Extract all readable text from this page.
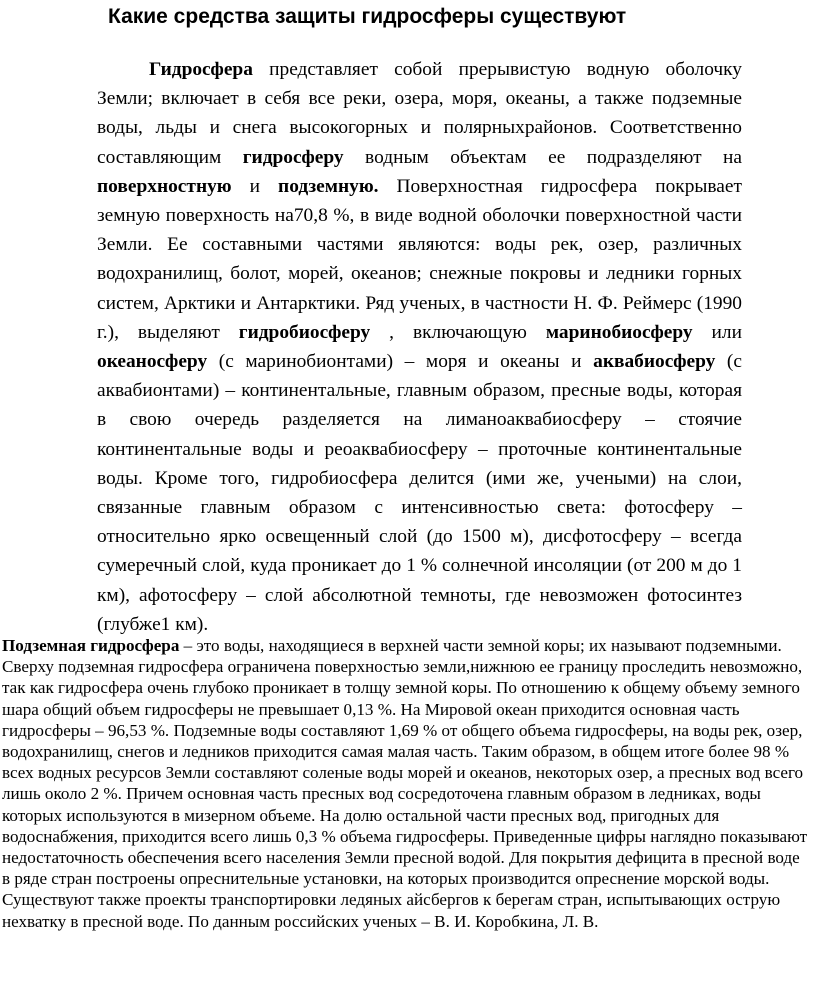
Какие средства защиты гидросферы существуют
Гидросфера представляет собой прерывистую водную оболочку Земли; включает в себя все реки, озера, моря, океаны, а также подземные воды, льды и снега высокогорных и полярныхрайонов. Соответственно составляющим гидросферу водным объектам ее подразделяют на поверхностную и подземную. Поверхностная гидросфера покрывает земную поверхность на70,8 %, в виде водной оболочки поверхностной части Земли. Ее составными частями являются: воды рек, озер, различных водохранилищ, болот, морей, океанов; снежные покровы и ледники горных систем, Арктики и Антарктики. Ряд ученых, в частности Н. Ф. Реймерс (1990 г.), выделяют гидробиосферу , включающую маринобиосферу или океаносферу (с маринобионтами) – моря и океаны и аквабиосферу (с аквабионтами) – континентальные, главным образом, пресные воды, которая в свою очередь разделяется на лиманоаквабиосферу – стоячие континентальные воды и реоаквабиосферу – проточные континентальные воды. Кроме того, гидробиосфера делится (ими же, учеными) на слои, связанные главным образом с интенсивностью света: фотосферу – относительно ярко освещенный слой (до 1500 м), дисфотосферу – всегда сумеречный слой, куда проникает до 1 % солнечной инсоляции (от 200 м до 1 км), афотосферу – слой абсолютной темноты, где невозможен фотосинтез (глубже1 км).
Подземная гидросфера – это воды, находящиеся в верхней части земной коры; их называют подземными. Сверху подземная гидросфера ограничена поверхностью земли,нижнюю ее границу проследить невозможно, так как гидросфера очень глубоко проникает в толщу земной коры. По отношению к общему объему земного шара общий объем гидросферы не превышает 0,13 %. На Мировой океан приходится основная часть гидросферы – 96,53 %. Подземные воды составляют 1,69 % от общего объема гидросферы, на воды рек, озер, водохранилищ, снегов и ледников приходится самая малая часть. Таким образом, в общем итоге более 98 % всех водных ресурсов Земли составляют соленые воды морей и океанов, некоторых озер, а пресных вод всего лишь около 2 %. Причем основная часть пресных вод сосредоточена главным образом в ледниках, воды которых используются в мизерном объеме. На долю остальной части пресных вод, пригодных для водоснабжения, приходится всего лишь 0,3 % объема гидросферы. Приведенные цифры наглядно показывают недостаточность обеспечения всего населения Земли пресной водой. Для покрытия дефицита в пресной воде в ряде стран построены опреснительные установки, на которых производится опреснение морской воды. Существуют также проекты транспортировки ледяных айсбергов к берегам стран, испытывающих острую нехватку в пресной воде. По данным российских ученых – В. И. Коробкина, Л. В.
